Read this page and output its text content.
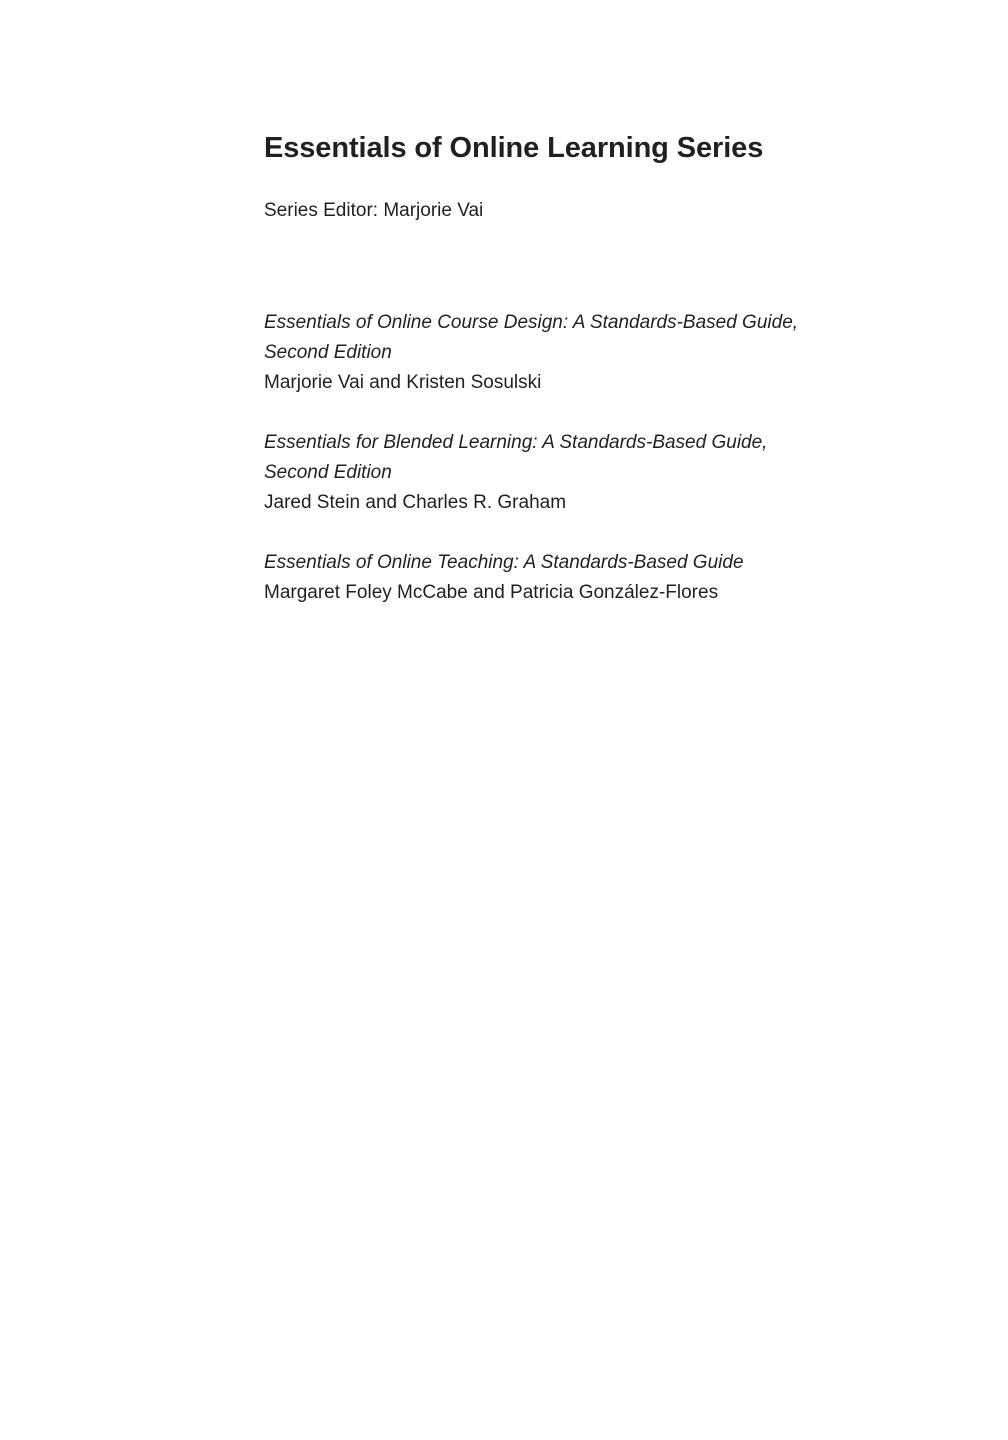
Essentials of Online Learning Series

Series Editor: Marjorie Vai

Essentials of Online Course Design: A Standards-Based Guide,
Second Edition
Marjorie Vai and Kristen Sosulski
Essentials for Blended Learning: A Standards-Based Guide,
Second Edition
Jared Stein and Charles R. Graham
Essentials of Online Teaching: A Standards-Based Guide
Margaret Foley McCabe and Patricia González-Flores
